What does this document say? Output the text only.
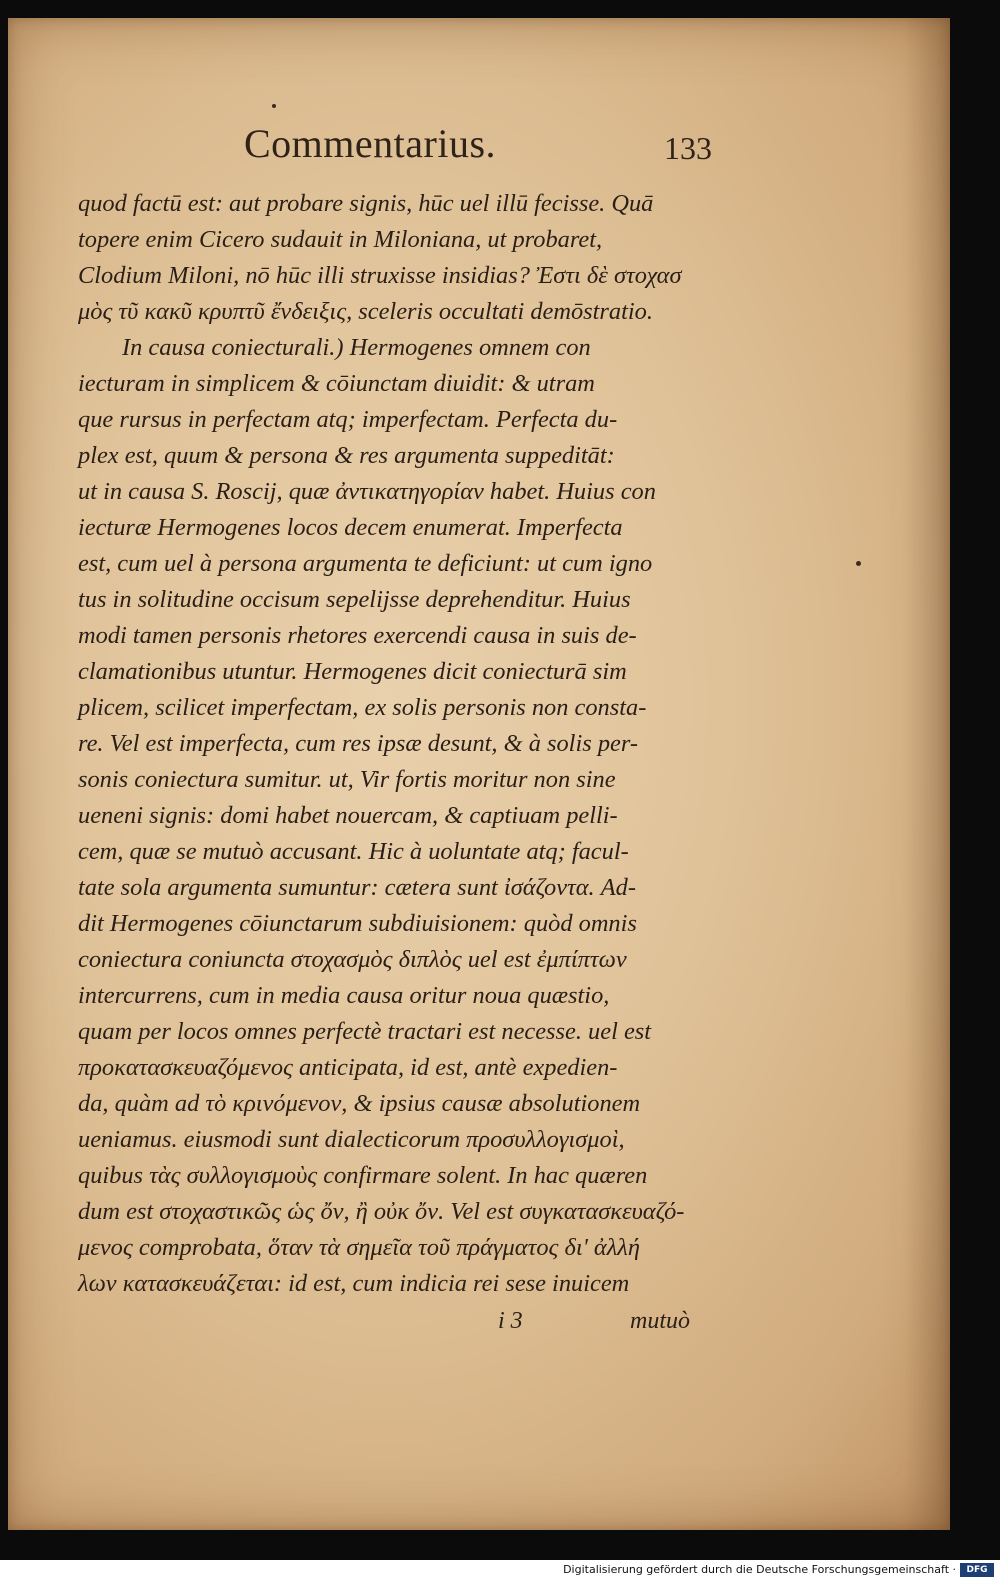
Commentarius.	133
quod factū est: aut probare signis, hūc uel illū fecisse. Quā
topere enim Cicero sudauit in Miloniana, ut probaret,
Clodium Miloni, nō hūc illi struxisse insidias? Ἐστι δὲ στοχασ
μὸς τῦ κακῦ κρυπτῦ ἔνδειξις, sceleris occultati demōstratio.
In causa coniecturali.) Hermogenes omnem con
iecturam in simplicem & cōiunctam diuidit: & utram
que rursus in perfectam atq; imperfectam. Perfecta du-
plex est, quum & persona & res argumenta suppeditāt:
ut in causa S. Roscij, quæ ἀντικατηγορίαν habet. Huius con
iecturæ Hermogenes locos decem enumerat. Imperfecta
est, cum uel à persona argumenta te deficiunt: ut cum igno
tus in solitudine occisum sepelijsse deprehenditur. Huius
modi tamen personis rhetores exercendi causa in suis de-
clamationibus utuntur. Hermogenes dicit coniecturā sim
plicem, scilicet imperfectam, ex solis personis non consta-
re. Vel est imperfecta, cum res ipsæ desunt, & à solis per-
sonis coniectura sumitur. ut, Vir fortis moritur non sine
ueneni signis: domi habet nouercam, & captiuam pelli-
cem, quæ se mutuò accusant. Hic à uoluntate atq; facul-
tate sola argumenta sumuntur: cætera sunt ἰσάζοντα. Ad-
dit Hermogenes cōiunctarum subdiuisionem: quòd omnis
coniectura coniuncta στοχασμὸς διπλὸς uel est ἐμπίπτων
intercurrens, cum in media causa oritur noua quæstio,
quam per locos omnes perfectè tractari est necesse. uel est
προκατασκευαζόμενος anticipata, id est, antè expedien-
da, quàm ad τὸ κρινόμενον, & ipsius causæ absolutionem
ueniamus. eiusmodi sunt dialecticorum προσυλλογισμοὶ,
quibus τὰς συλλογισμοὺς confirmare solent. In hac quæren
dum est στοχαστικῶς ὡς ὄν, ἢ οὐκ ὄν. Vel est συγκατασκευαζό-
μενος comprobata, ὅταν τὰ σημεῖα τοῦ πράγματος δι' ἀλλή
λων κατασκευάζεται: id est, cum indicia rei sese inuicem
i 3	mutuò
Digitalisierung gefördert durch die Deutsche Forschungsgemeinschaft ·	DFG
